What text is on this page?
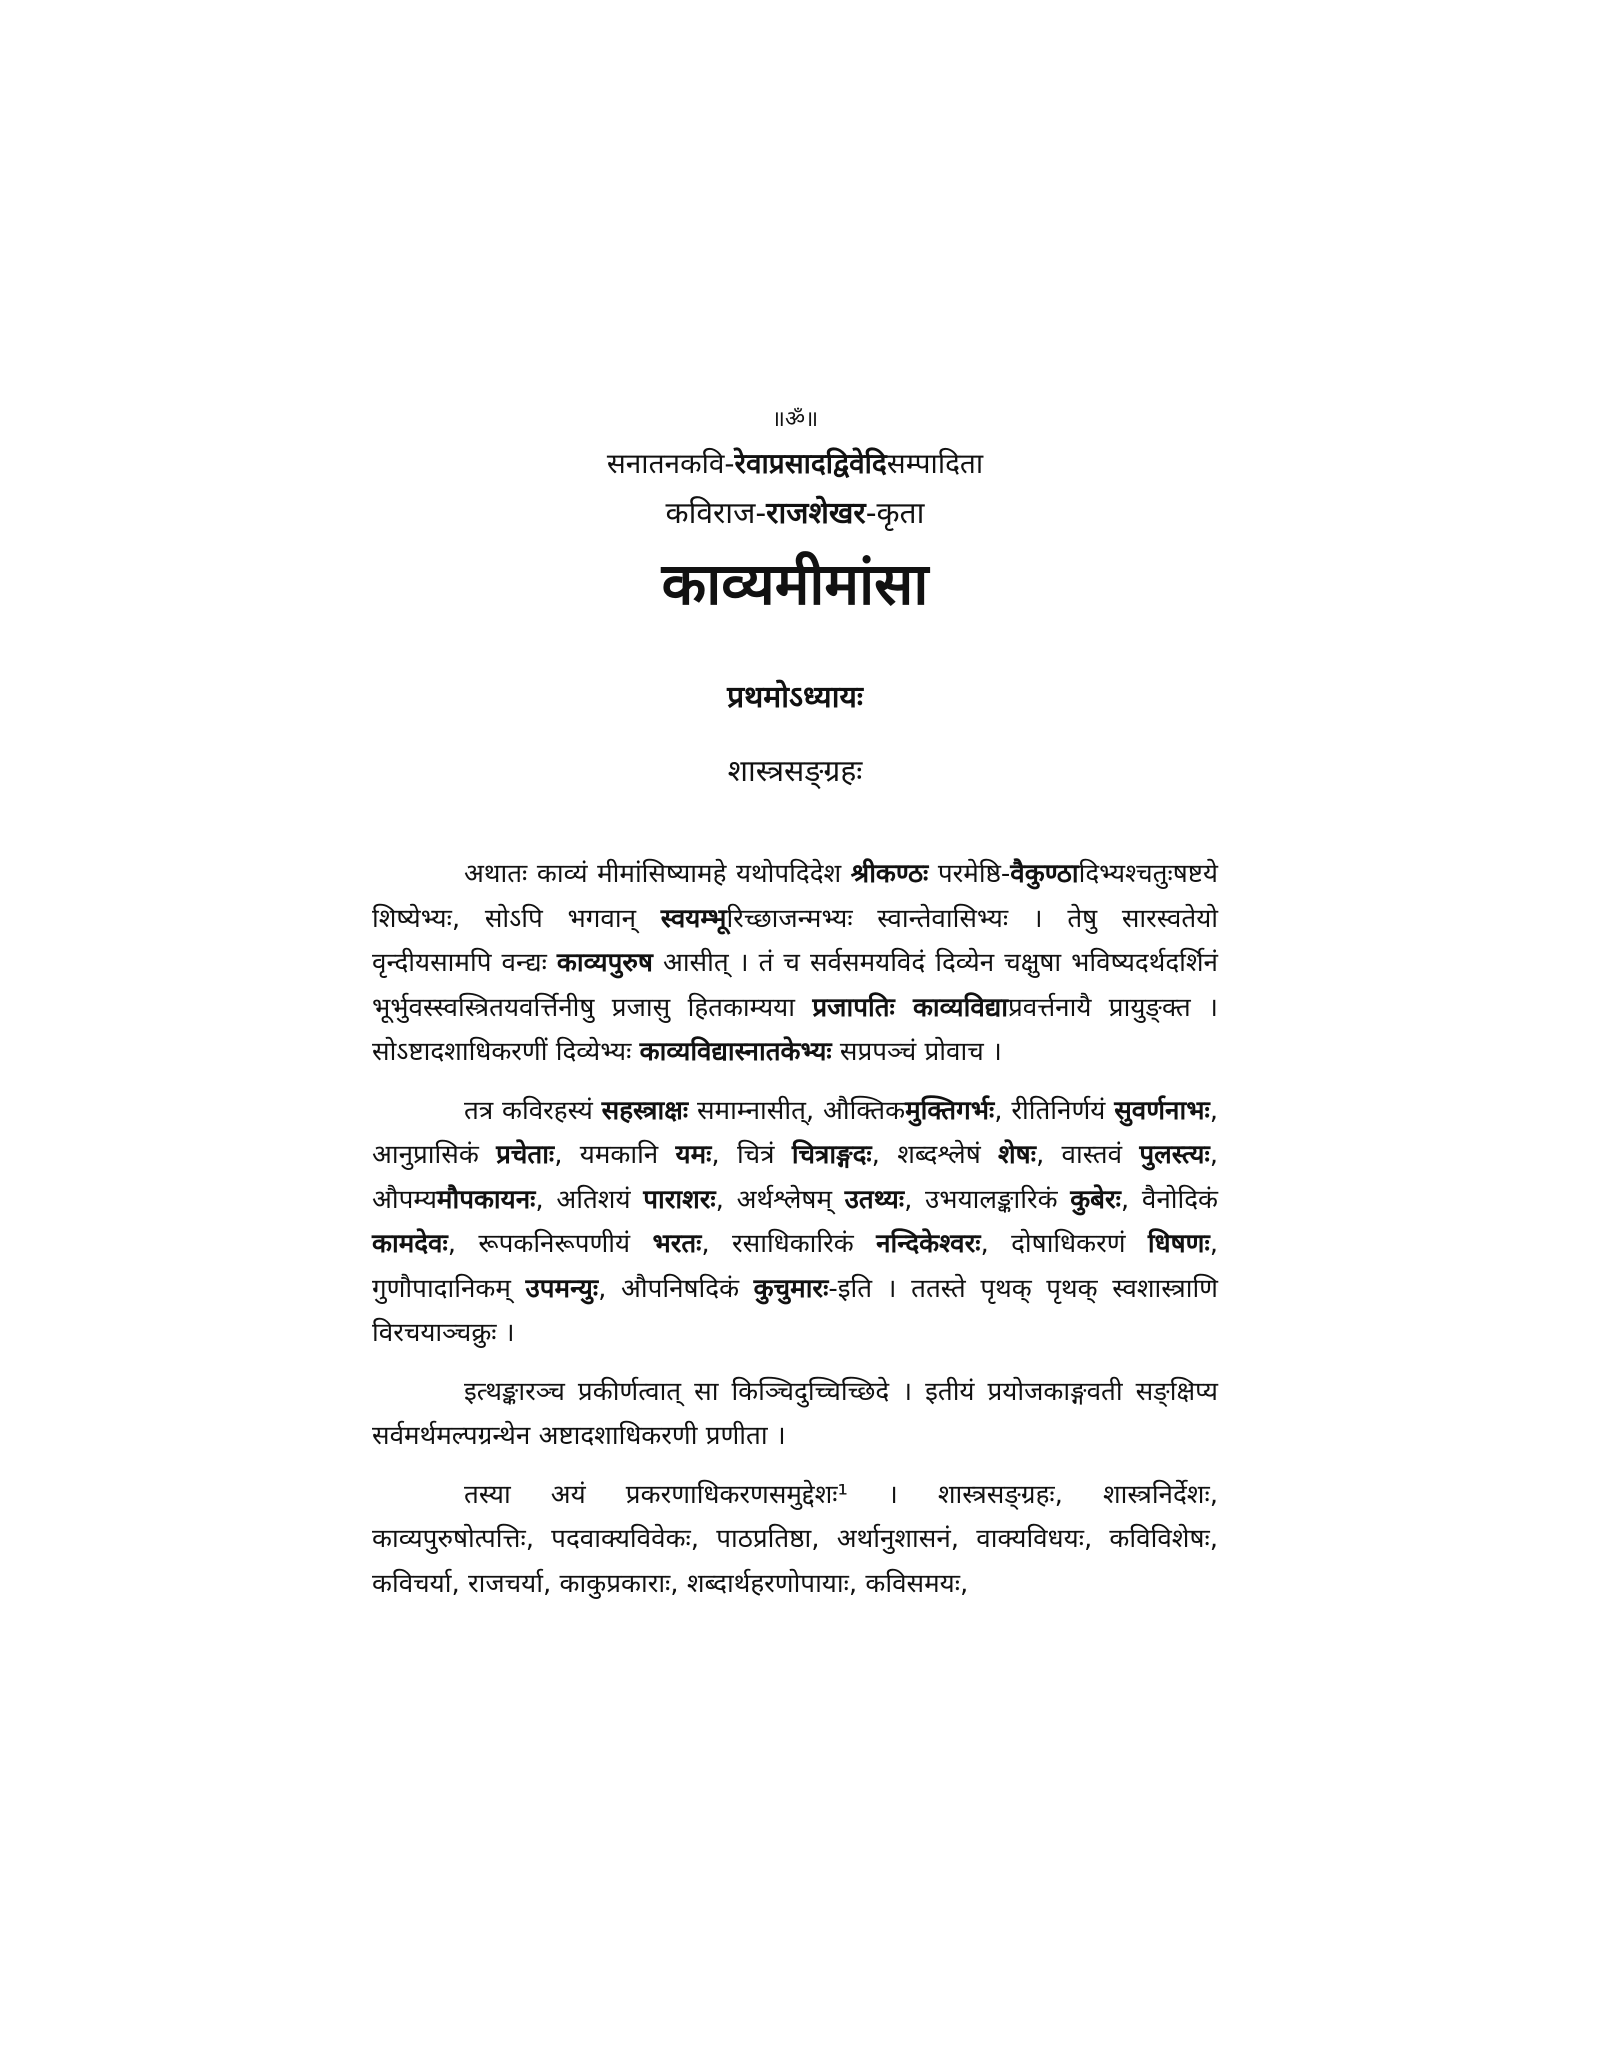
॥ॐ॥
सनातनकवि-रेवाप्रसादद्विवेदिसम्पादिता
कविराज-राजशेखर-कृता
काव्यमीमांसा
प्रथमोऽध्यायः
शास्त्रसङ्ग्रहः

अथातः काव्यं मीमांसिष्यामहे यथोपदिदेश श्रीकण्ठः परमेष्ठि-वैकुण्ठादिभ्यश्चतुःषष्टये शिष्येभ्यः, सोऽपि भगवान् स्वयम्भूरिच्छाजन्मभ्यः स्वान्तेवासिभ्यः । तेषु सारस्वतेयो वृन्दीयसामपि वन्द्यः काव्यपुरुष आसीत् । तं च सर्वसमयविदं दिव्येन चक्षुषा भविष्यदर्थदर्शिनं भूर्भुवस्स्वस्त्रितयवर्त्तिनीषु प्रजासु हितकाम्यया प्रजापतिः काव्यविद्याप्रवर्त्तनायै प्रायुङ्क्त । सोऽष्टादशाधिकरणीं दिव्येभ्यः काव्यविद्यास्नातकेभ्यः सप्रपञ्चं प्रोवाच ।

तत्र कविरहस्यं सहस्त्राक्षः समाम्नासीत्, औक्तिकमुक्तिगर्भः, रीतिनिर्णयं सुवर्णनाभः, आनुप्रासिकं प्रचेताः, यमकानि यमः, चित्रं चित्राङ्गदः, शब्दश्लेषं शेषः, वास्तवं पुलस्त्यः, औपम्यमौपकायनः, अतिशयं पाराशरः, अर्थश्लेषम् उतथ्यः, उभयालङ्कारिकं कुबेरः, वैनोदिकं कामदेवः, रूपकनिरूपणीयं भरतः, रसाधिकारिकं नन्दिकेश्वरः, दोषाधिकरणं धिषणः, गुणौपादानिकम् उपमन्युः, औपनिषदिकं कुचुमारः-इति । ततस्ते पृथक् पृथक् स्वशास्त्राणि विरचयाञ्चक्रुः ।

इत्थङ्कारञ्च प्रकीर्णत्वात् सा किञ्चिदुच्चिच्छिदे । इतीयं प्रयोजकाङ्गवती सङ्क्षिप्य सर्वमर्थमल्पग्रन्थेन अष्टादशाधिकरणी प्रणीता ।

तस्या अयं प्रकरणाधिकरणसमुद्देशः¹ । शास्त्रसङ्ग्रहः, शास्त्रनिर्देशः, काव्यपुरुषोत्पत्तिः, पदवाक्यविवेकः, पाठप्रतिष्ठा, अर्थानुशासनं, वाक्यविधयः, कविविशेषः, कविचर्या, राजचर्या, काकुप्रकाराः, शब्दार्थहरणोपायाः, कविसमयः,
